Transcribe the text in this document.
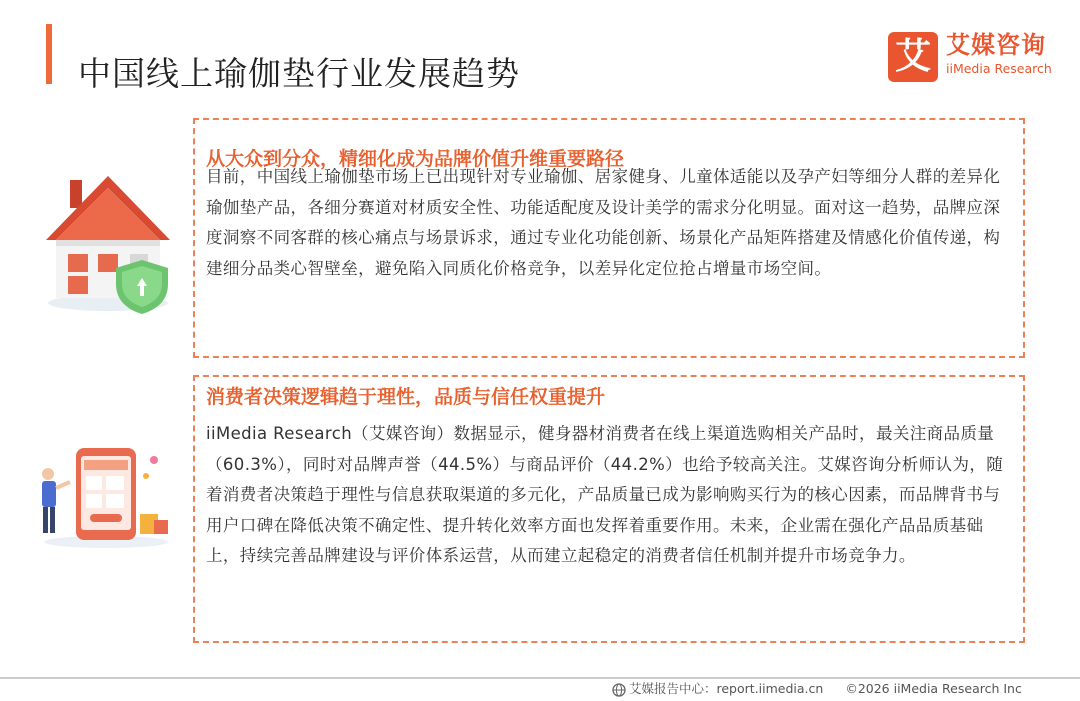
中国线上瑜伽垫行业发展趋势	艾 艾媒咨询
iiMedia Research
从大众到分众，精细化成为品牌价值升维重要路径

目前，中国线上瑜伽垫市场上已出现针对专业瑜伽、居家健身、儿童体适能以及孕产妇等细分人群的差异化瑜伽垫产品，各细分赛道对材质安全性、功能适配度及设计美学的需求分化明显。面对这一趋势，品牌应深度洞察不同客群的核心痛点与场景诉求，通过专业化功能创新、场景化产品矩阵搭建及情感化价值传递，构建细分品类心智壁垒，避免陷入同质化价格竞争，以差异化定位抢占增量市场空间。

消费者决策逻辑趋于理性，品质与信任权重提升

iiMedia Research（艾媒咨询）数据显示，健身器材消费者在线上渠道选购相关产品时，最关注商品质量（60.3%），同时对品牌声誉（44.5%）与商品评价（44.2%）也给予较高关注。艾媒咨询分析师认为，随着消费者决策趋于理性与信息获取渠道的多元化，产品质量已成为影响购买行为的核心因素，而品牌背书与用户口碑在降低决策不确定性、提升转化效率方面也发挥着重要作用。未来，企业需在强化产品品质基础上，持续完善品牌建设与评价体系运营，从而建立起稳定的消费者信任机制并提升市场竞争力。

艾媒报告中心：report.iimedia.cn ©2026 iiMedia Research Inc
